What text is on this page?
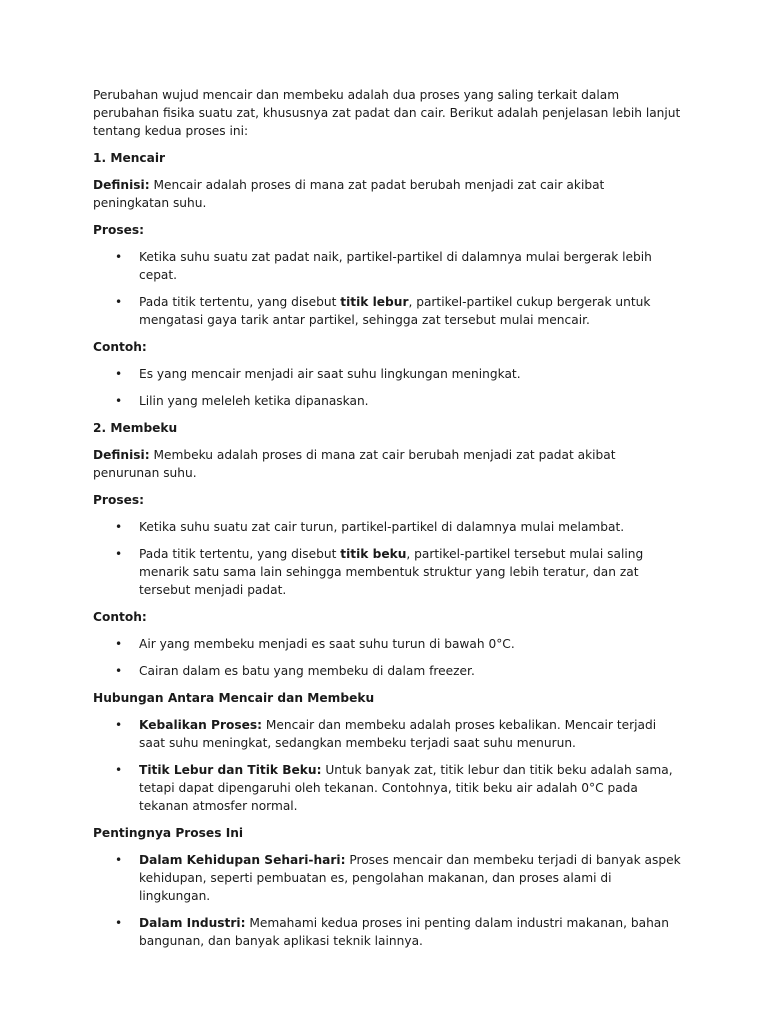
Perubahan wujud mencair dan membeku adalah dua proses yang saling terkait dalam perubahan fisika suatu zat, khususnya zat padat dan cair. Berikut adalah penjelasan lebih lanjut tentang kedua proses ini:

1. Mencair

Definisi: Mencair adalah proses di mana zat padat berubah menjadi zat cair akibat peningkatan suhu.

Proses:

• Ketika suhu suatu zat padat naik, partikel-partikel di dalamnya mulai bergerak lebih cepat.
• Pada titik tertentu, yang disebut titik lebur, partikel-partikel cukup bergerak untuk mengatasi gaya tarik antar partikel, sehingga zat tersebut mulai mencair.

Contoh:

• Es yang mencair menjadi air saat suhu lingkungan meningkat.
• Lilin yang meleleh ketika dipanaskan.

2. Membeku

Definisi: Membeku adalah proses di mana zat cair berubah menjadi zat padat akibat penurunan suhu.

Proses:

• Ketika suhu suatu zat cair turun, partikel-partikel di dalamnya mulai melambat.
• Pada titik tertentu, yang disebut titik beku, partikel-partikel tersebut mulai saling menarik satu sama lain sehingga membentuk struktur yang lebih teratur, dan zat tersebut menjadi padat.

Contoh:

• Air yang membeku menjadi es saat suhu turun di bawah 0°C.
• Cairan dalam es batu yang membeku di dalam freezer.

Hubungan Antara Mencair dan Membeku

• Kebalikan Proses: Mencair dan membeku adalah proses kebalikan. Mencair terjadi saat suhu meningkat, sedangkan membeku terjadi saat suhu menurun.
• Titik Lebur dan Titik Beku: Untuk banyak zat, titik lebur dan titik beku adalah sama, tetapi dapat dipengaruhi oleh tekanan. Contohnya, titik beku air adalah 0°C pada tekanan atmosfer normal.

Pentingnya Proses Ini

• Dalam Kehidupan Sehari-hari: Proses mencair dan membeku terjadi di banyak aspek kehidupan, seperti pembuatan es, pengolahan makanan, dan proses alami di lingkungan.
• Dalam Industri: Memahami kedua proses ini penting dalam industri makanan, bahan bangunan, dan banyak aplikasi teknik lainnya.
